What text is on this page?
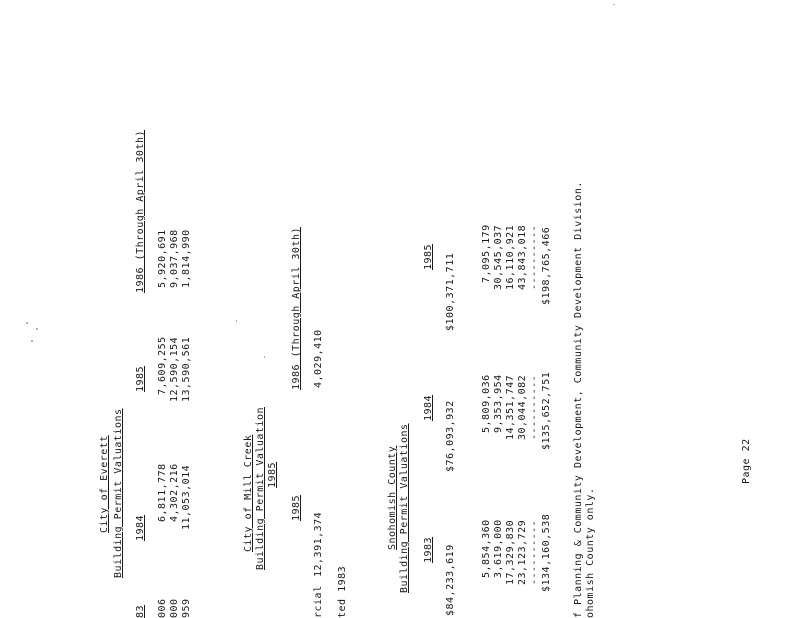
City of Everett Building Permit Valuations
83
1984
1985
1986 (Through April 30th)
006
6,811,778
7,609,255
5,920,691
000
4,302,216
12,590,154
9,037,968
959
11,053,014
13,590,561
1,814,990
City of Mill Creek Building Permit Valuation 1985
1985
1986 (Through April 30th)
rcial
12,391,374
4,029,410
ted 1983
Snohomish County Building Permit Valuations 1983
1984
1985
$84,233,619
$76,093,932
$100,371,711
5,854,360
5,809,036
7,095,179
3,619,000
9,353,954
30,545,037
17,329,830
14,351,747
16,110,921
23,123,729
30,044,082
43,843,018
----------
----------
----------
$134,160,538
$135,652,751
$198,765,466 f Planning & Community Development, Community Development Division. ohomish County only.
Page 22
